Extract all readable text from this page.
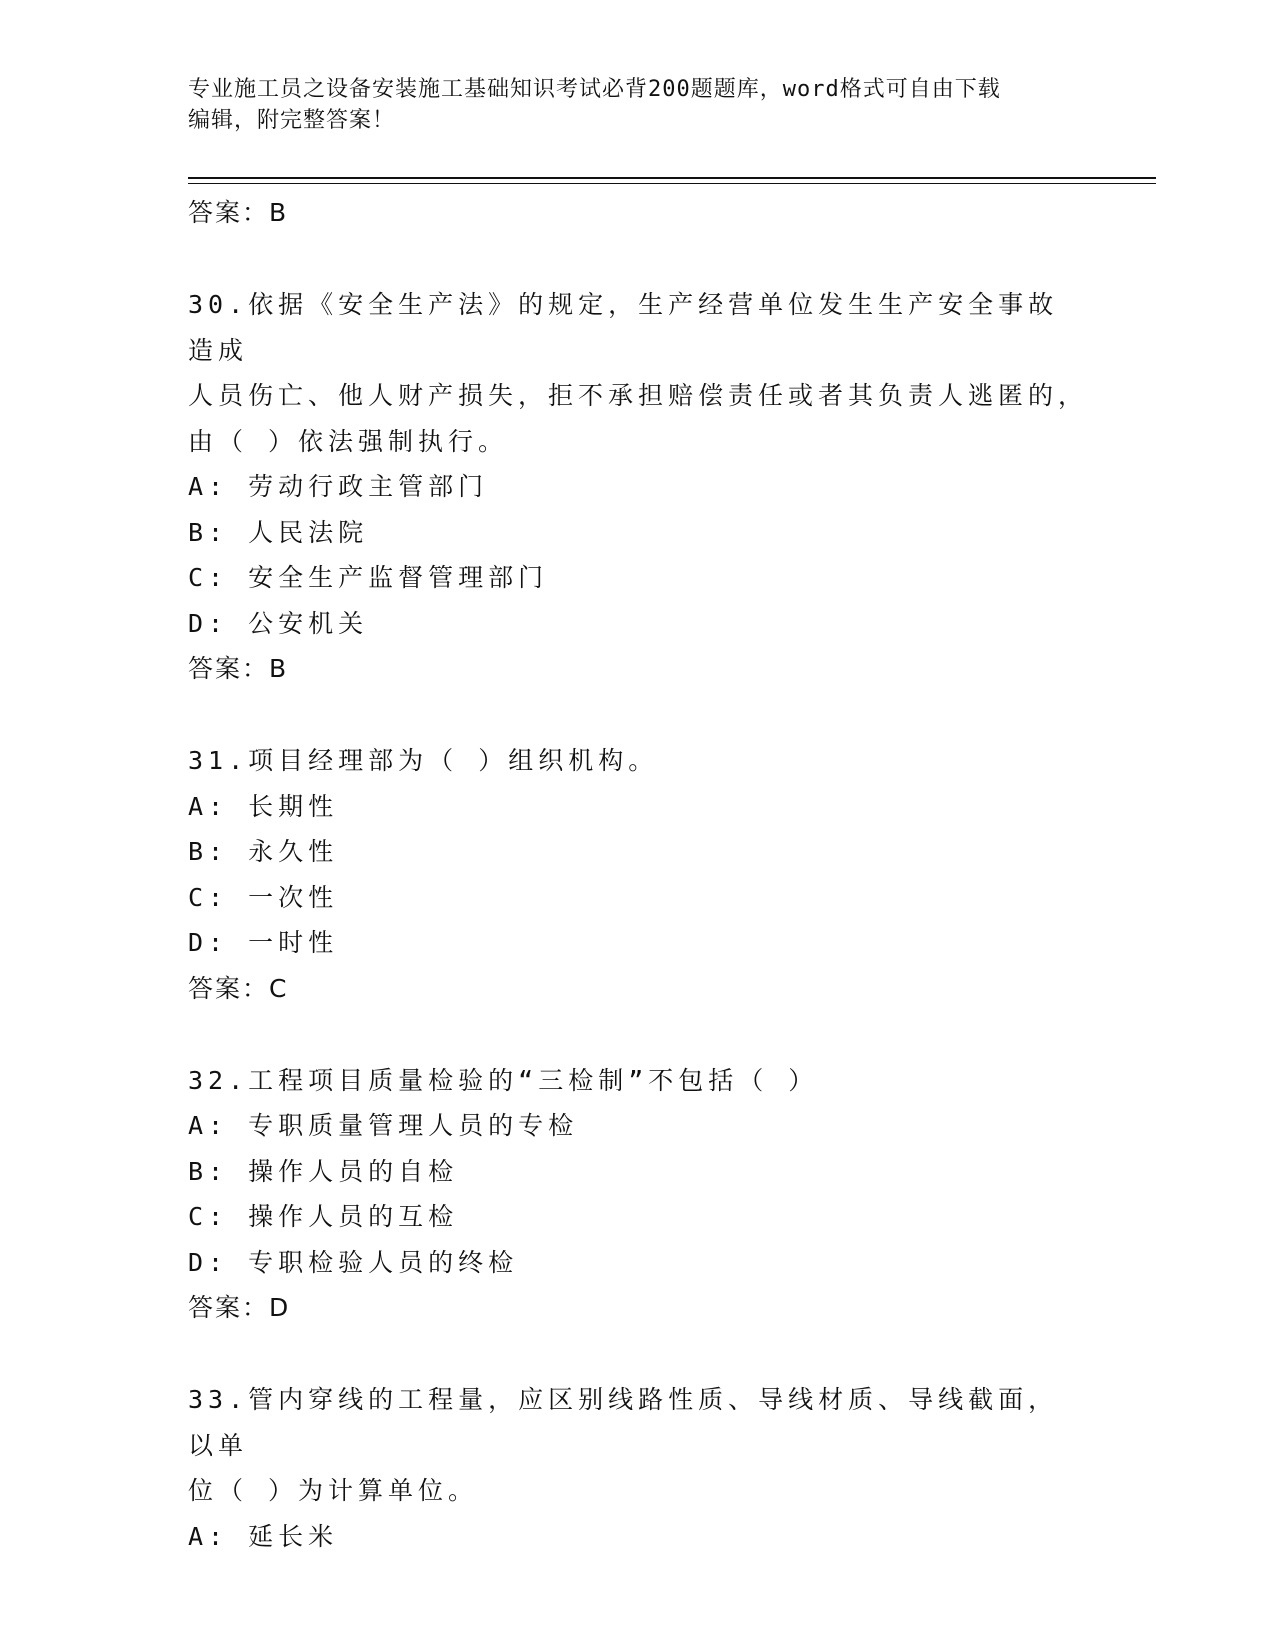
专业施工员之设备安装施工基础知识考试必背200题题库，word格式可自由下载
编辑，附完整答案！
答案：B
30.依据《安全生产法》的规定，生产经营单位发生生产安全事故造成
人员伤亡、他人财产损失，拒不承担赔偿责任或者其负责人逃匿的，
由（ ）依法强制执行。
A: 劳动行政主管部门
B: 人民法院
C: 安全生产监督管理部门
D: 公安机关
答案：B
31.项目经理部为（ ）组织机构。
A: 长期性
B: 永久性
C: 一次性
D: 一时性
答案：C
32.工程项目质量检验的“三检制”不包括（ ）
A: 专职质量管理人员的专检
B: 操作人员的自检
C: 操作人员的互检
D: 专职检验人员的终检
答案：D
33.管内穿线的工程量，应区别线路性质、导线材质、导线截面，以单
位（ ）为计算单位。
A: 延长米
